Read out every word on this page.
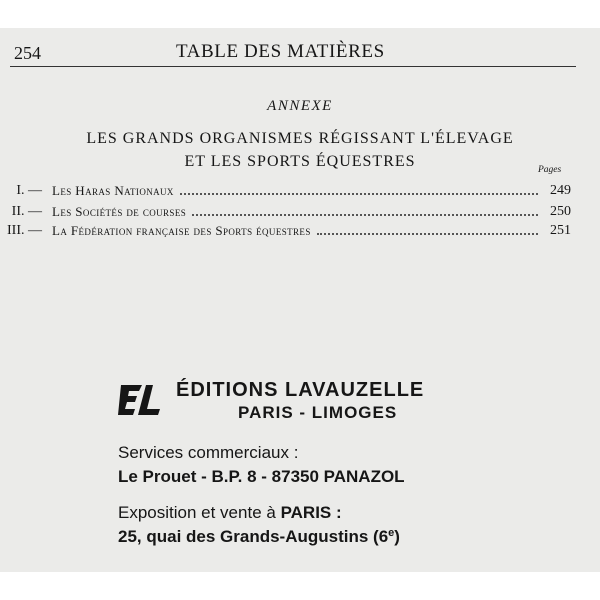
254	TABLE DES MATIÈRES
ANNEXE
LES GRANDS ORGANISMES RÉGISSANT L'ÉLEVAGE
ET LES SPORTS ÉQUESTRES	Pages
I. — Les Haras Nationaux	249
II. — Les Sociétés de courses	250
III. — La Fédération française des Sports équestres	251
ÉDITIONS LAVAUZELLE
PARIS - LIMOGES
Services commerciaux :
Le Prouet - B.P. 8 - 87350 PANAZOL
Exposition et vente à PARIS :
25, quai des Grands-Augustins (6e)
